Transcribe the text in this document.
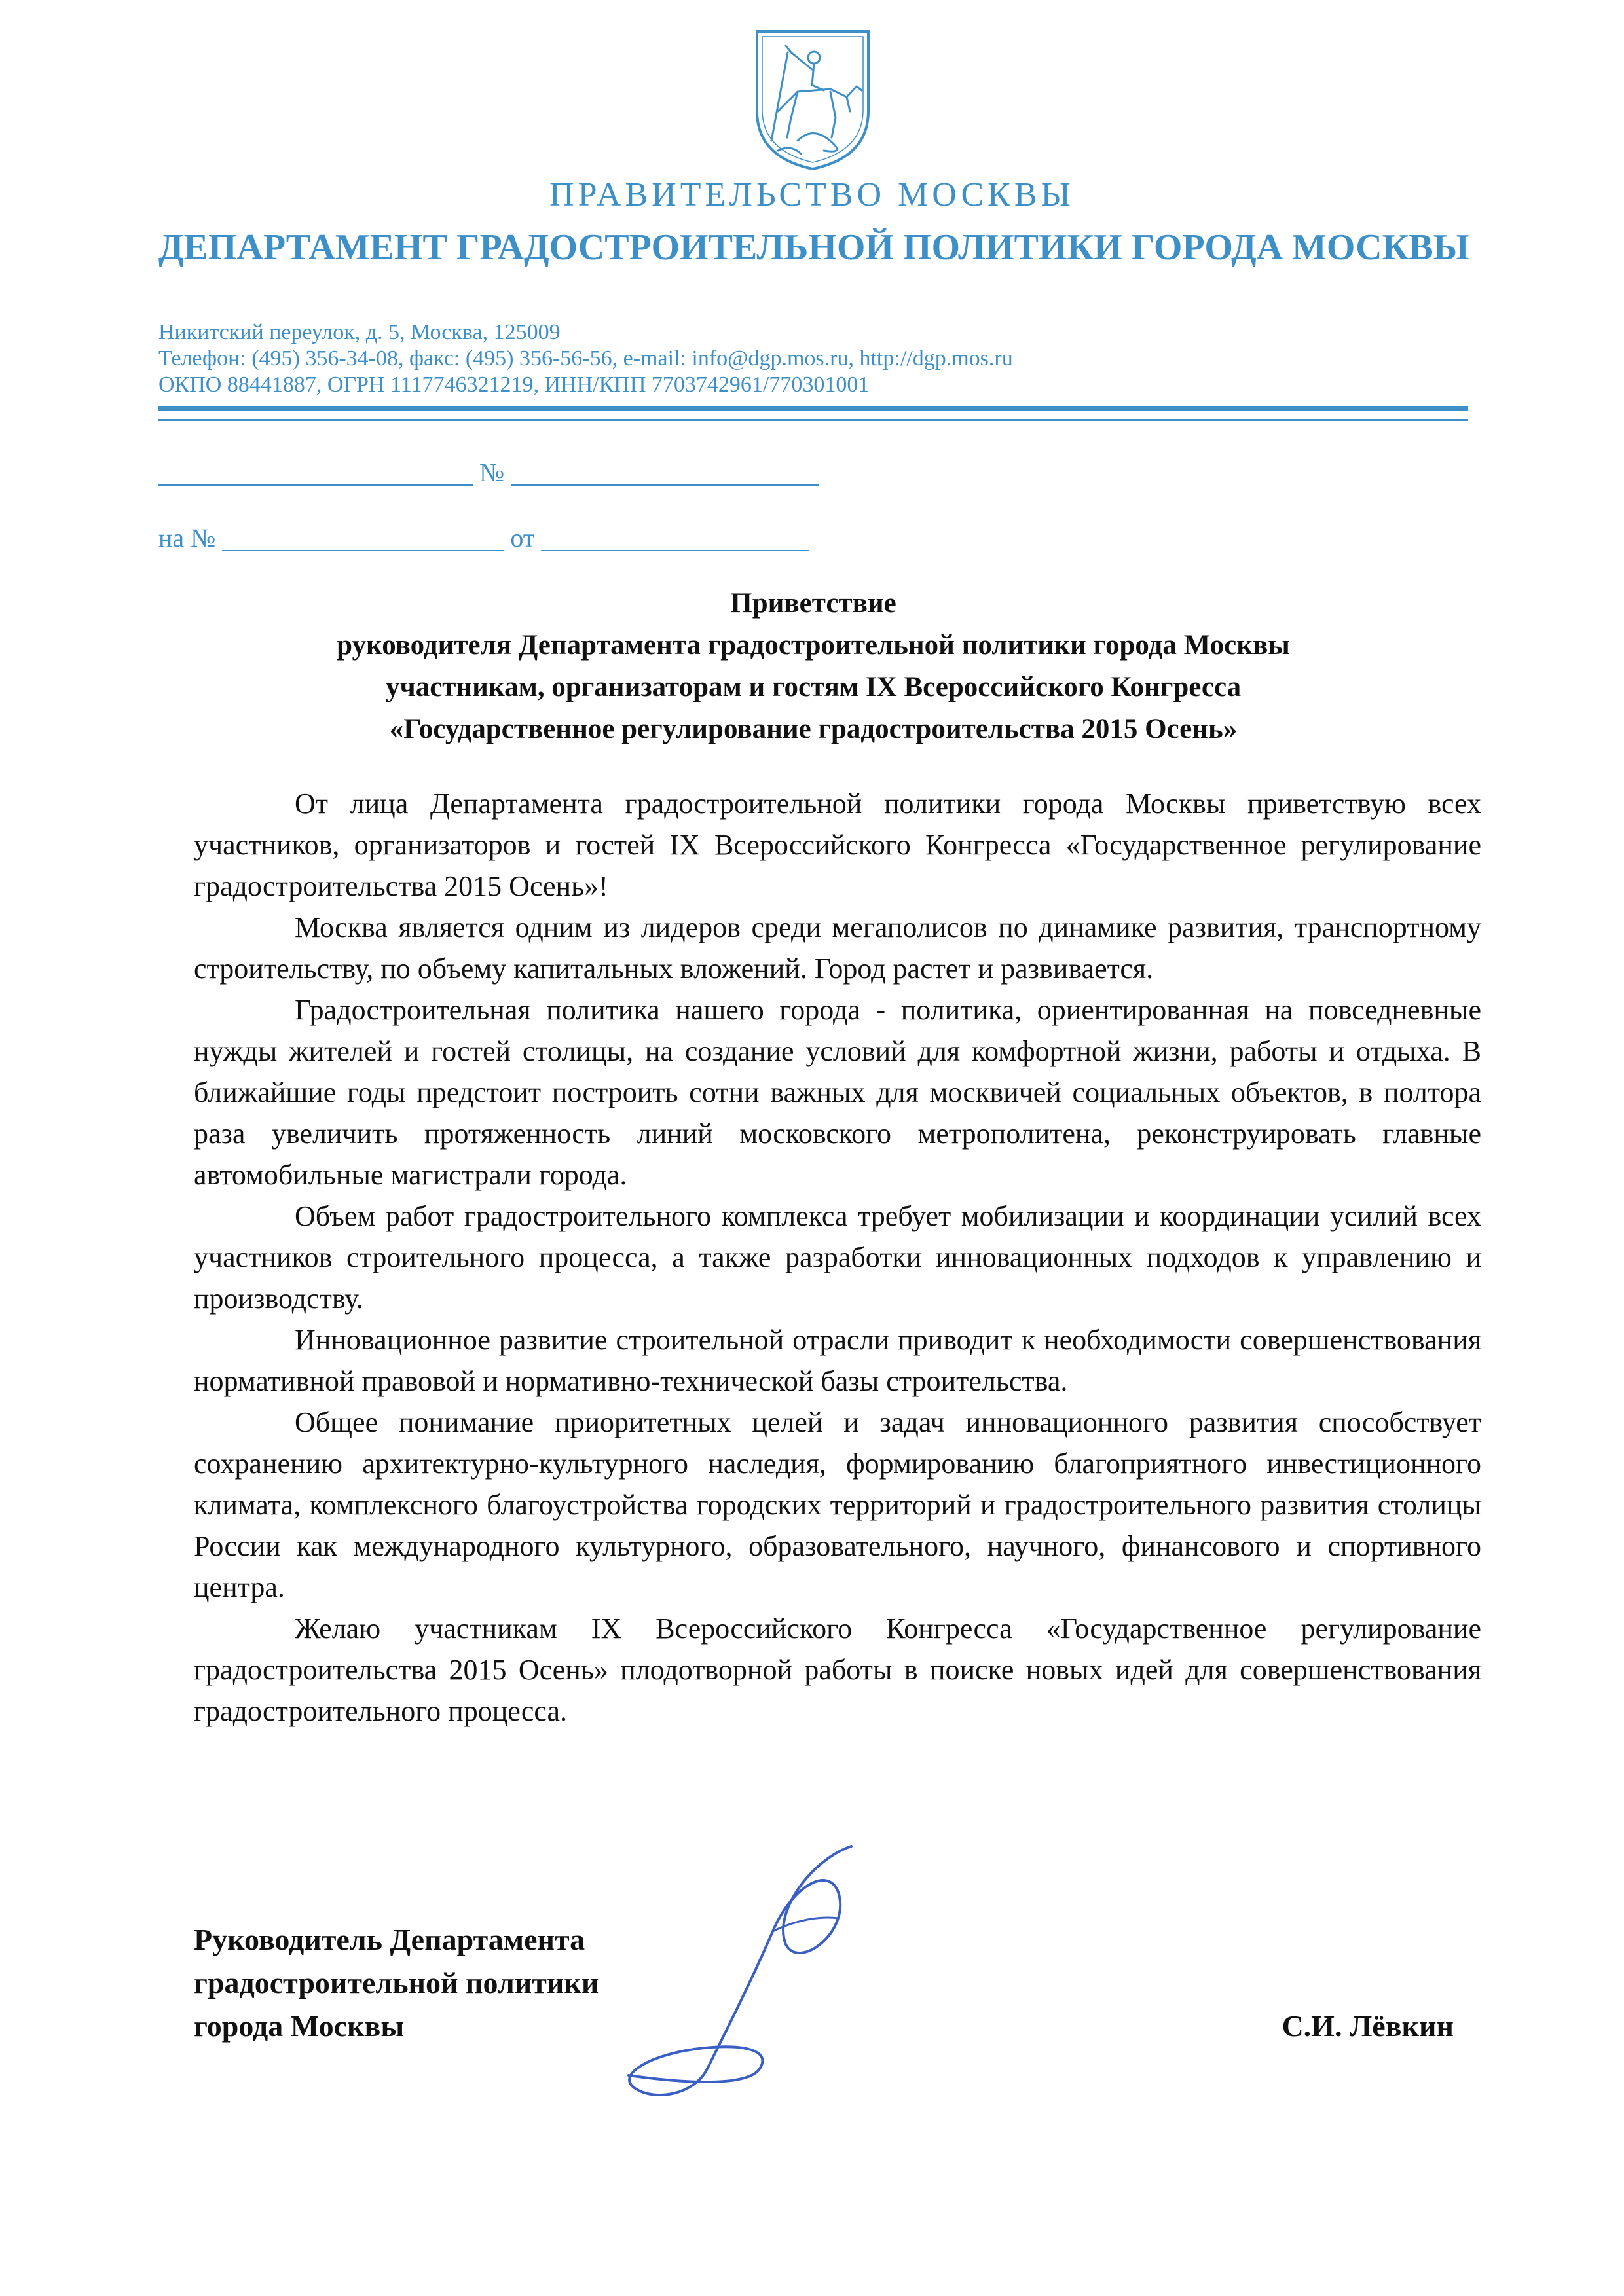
ПРАВИТЕЛЬСТВО МОСКВЫ
ДЕПАРТАМЕНТ ГРАДОСТРОИТЕЛЬНОЙ ПОЛИТИКИ ГОРОДА МОСКВЫ
Никитский переулок, д. 5, Москва, 125009
Телефон: (495) 356-34-08, факс: (495) 356-56-56, e-mail: info@dgp.mos.ru, http://dgp.mos.ru
ОКПО 88441887, ОГРН 1117746321219, ИНН/КПП 7703742961/770301001
№
на №	от
Приветствие
руководителя Департамента градостроительной политики города Москвы
участникам, организаторам и гостям IX Всероссийского Конгресса
«Государственное регулирование градостроительства 2015 Осень»

От лица Департамента градостроительной политики города Москвы приветствую всех участников, организаторов и гостей IX Всероссийского Конгресса «Государственное регулирование градостроительства 2015 Осень»!

Москва является одним из лидеров среди мегаполисов по динамике развития, транспортному строительству, по объему капитальных вложений. Город растет и развивается.

Градостроительная политика нашего города - политика, ориентированная на повседневные нужды жителей и гостей столицы, на создание условий для комфортной жизни, работы и отдыха. В ближайшие годы предстоит построить сотни важных для москвичей социальных объектов, в полтора раза увеличить протяженность линий московского метрополитена, реконструировать главные автомобильные магистрали города.

Объем работ градостроительного комплекса требует мобилизации и координации усилий всех участников строительного процесса, а также разработки инновационных подходов к управлению и производству.

Инновационное развитие строительной отрасли приводит к необходимости совершенствования нормативной правовой и нормативно-технической базы строительства.

Общее понимание приоритетных целей и задач инновационного развития способствует сохранению архитектурно-культурного наследия, формированию благоприятного инвестиционного климата, комплексного благоустройства городских территорий и градостроительного развития столицы России как международного культурного, образовательного, научного, финансового и спортивного центра.

Желаю участникам IX Всероссийского Конгресса «Государственное регулирование градостроительства 2015 Осень» плодотворной работы в поиске новых идей для совершенствования градостроительного процесса.

Руководитель Департамента
градостроительной политики
города Москвы	С.И. Лёвкин
